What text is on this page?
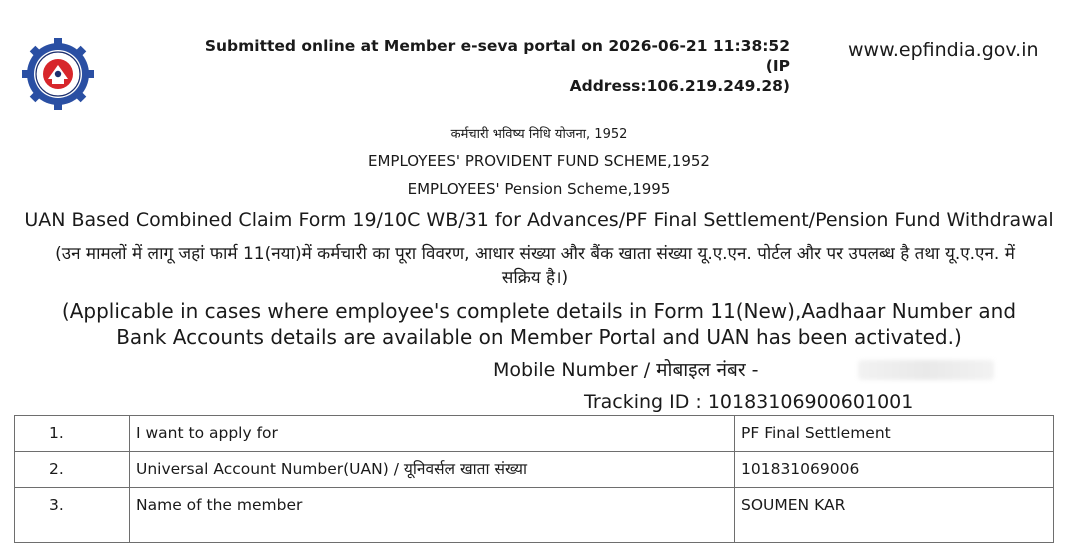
Submitted online at Member e-seva portal on 2026-06-21 11:38:52 (IP
Address:106.219.249.28)
www.epfindia.gov.in
कर्मचारी भविष्य निधि योजना, 1952
EMPLOYEES' PROVIDENT FUND SCHEME,1952
EMPLOYEES' Pension Scheme,1995
UAN Based Combined Claim Form 19/10C WB/31 for Advances/PF Final Settlement/Pension Fund Withdrawal
(उन मामलों में लागू जहां फार्म 11(नया)में कर्मचारी का पूरा विवरण, आधार संख्या और बैंक खाता संख्या यू.ए.एन. पोर्टल और पर उपलब्ध है तथा यू.ए.एन. में सक्रिय है।)
(Applicable in cases where employee's complete details in Form 11(New),Aadhaar Number and Bank Accounts details are available on Member Portal and UAN has been activated.)
Mobile Number / मोबाइल नंबर -
Tracking ID : 10183106900601001
1.	I want to apply for	PF Final Settlement
2.	Universal Account Number(UAN) / यूनिवर्सल खाता संख्या	101831069006
3.	Name of the member	SOUMEN KAR
